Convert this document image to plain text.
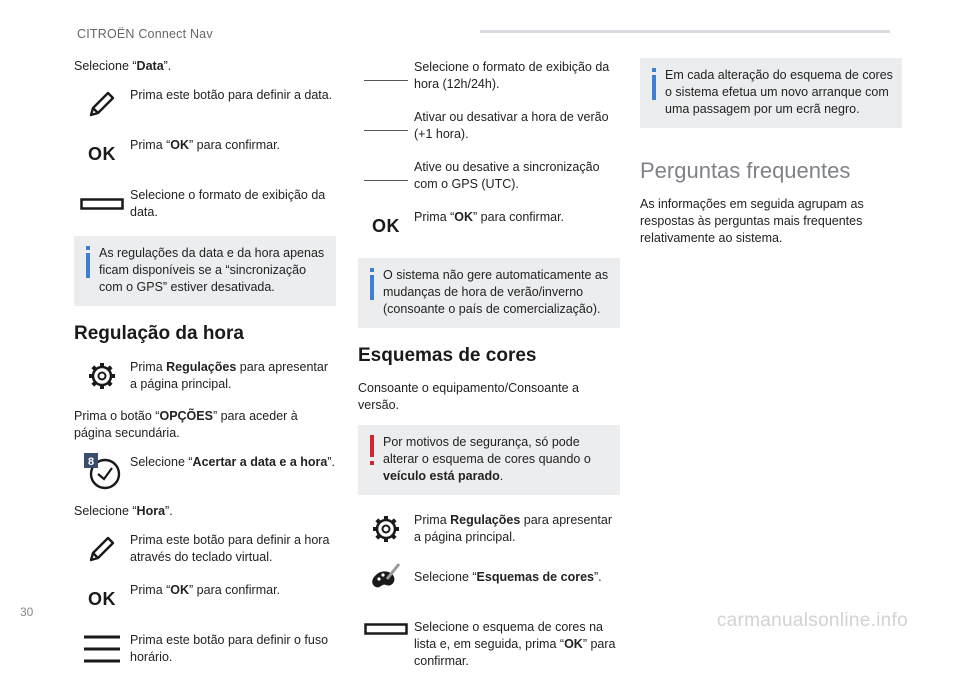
CITROËN Connect Nav

Selecione “Data”.

Prima este botão para definir a data.
OK Prima “OK” para confirmar.
Selecione o formato de exibição da data.
As regulações da data e da hora apenas ficam disponíveis se a “sincronização com o GPS” estiver desativada.
Regulação da hora
Prima Regulações para apresentar a página principal.

Prima o botão “OPÇÕES” para aceder à página secundária.

8	Selecione “Acertar a data e a hora”.

Selecione “Hora”.

Prima este botão para definir a hora através do teclado virtual.
OK Prima “OK” para confirmar.
Prima este botão para definir o fuso horário.
Selecione o formato de exibição da hora (12h/24h).
Ativar ou desativar a hora de verão (+1 hora).
Ative ou desative a sincronização com o GPS (UTC).
OK Prima “OK” para confirmar.
O sistema não gere automaticamente as mudanças de hora de verão/inverno (consoante o país de comercialização).
Esquemas de cores

Consoante o equipamento/Consoante a versão.

Por motivos de segurança, só pode alterar o esquema de cores quando o veículo está parado.
Prima Regulações para apresentar a página principal.
Selecione “Esquemas de cores”.
Selecione o esquema de cores na lista e, em seguida, prima “OK” para confirmar.
Em cada alteração do esquema de cores o sistema efetua um novo arranque com uma passagem por um ecrã negro.
Perguntas frequentes

As informações em seguida agrupam as respostas às perguntas mais frequentes relativamente ao sistema.

30	carmanualsonline.info
